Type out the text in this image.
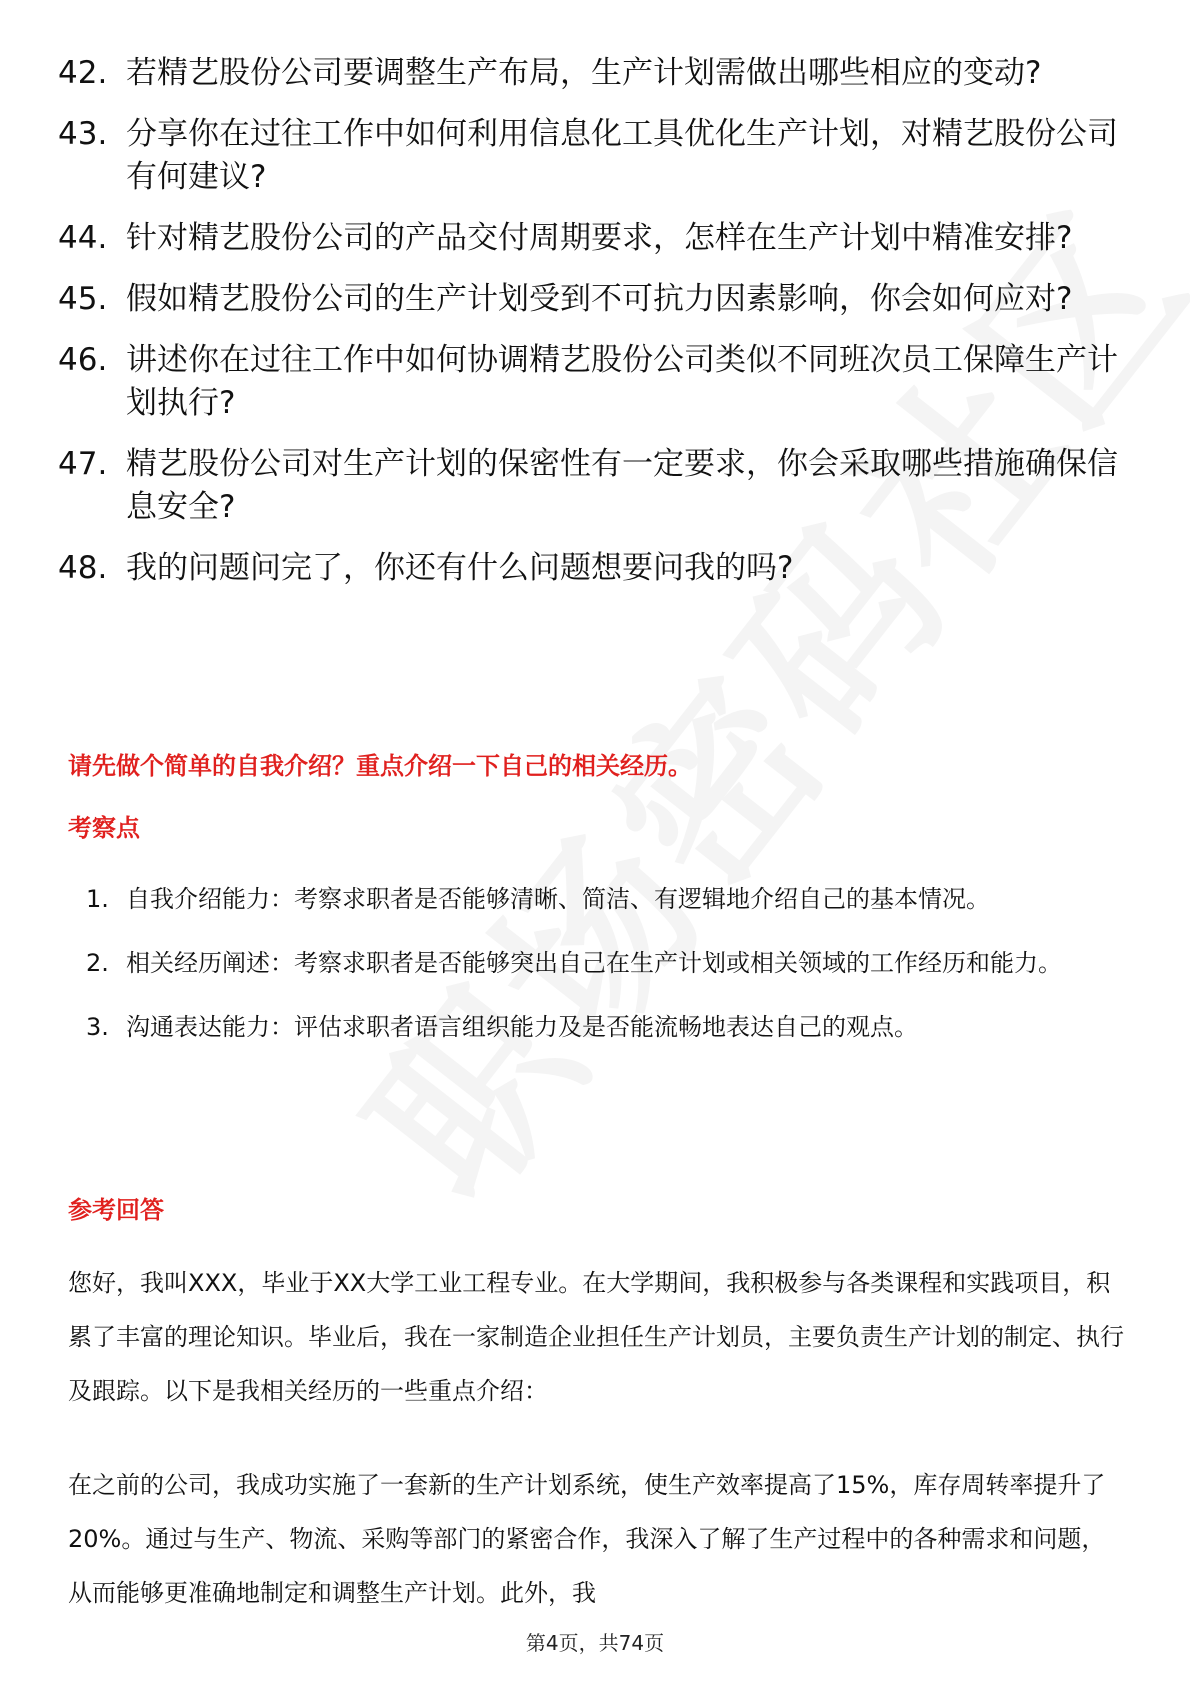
42. 若精艺股份公司要调整生产布局，生产计划需做出哪些相应的变动?
43. 分享你在过往工作中如何利用信息化工具优化生产计划，对精艺股份公司有何建议?
44. 针对精艺股份公司的产品交付周期要求，怎样在生产计划中精准安排?
45. 假如精艺股份公司的生产计划受到不可抗力因素影响，你会如何应对?
46. 讲述你在过往工作中如何协调精艺股份公司类似不同班次员工保障生产计划执行?
47. 精艺股份公司对生产计划的保密性有一定要求，你会采取哪些措施确保信息安全?
48. 我的问题问完了，你还有什么问题想要问我的吗?

请先做个简单的自我介绍？重点介绍一下自己的相关经历。

考察点

1. 自我介绍能力：考察求职者是否能够清晰、简洁、有逻辑地介绍自己的基本情况。
2. 相关经历阐述：考察求职者是否能够突出自己在生产计划或相关领域的工作经历和能力。
3. 沟通表达能力：评估求职者语言组织能力及是否能流畅地表达自己的观点。

参考回答

您好，我叫XXX，毕业于XX大学工业工程专业。在大学期间，我积极参与各类课程和实践项目，积累了丰富的理论知识。毕业后，我在一家制造企业担任生产计划员，主要负责生产计划的制定、执行及跟踪。以下是我相关经历的一些重点介绍：

在之前的公司，我成功实施了一套新的生产计划系统，使生产效率提高了15%，库存周转率提升了20%。通过与生产、物流、采购等部门的紧密合作，我深入了解了生产过程中的各种需求和问题，从而能够更准确地制定和调整生产计划。此外，我

第4页，共74页
